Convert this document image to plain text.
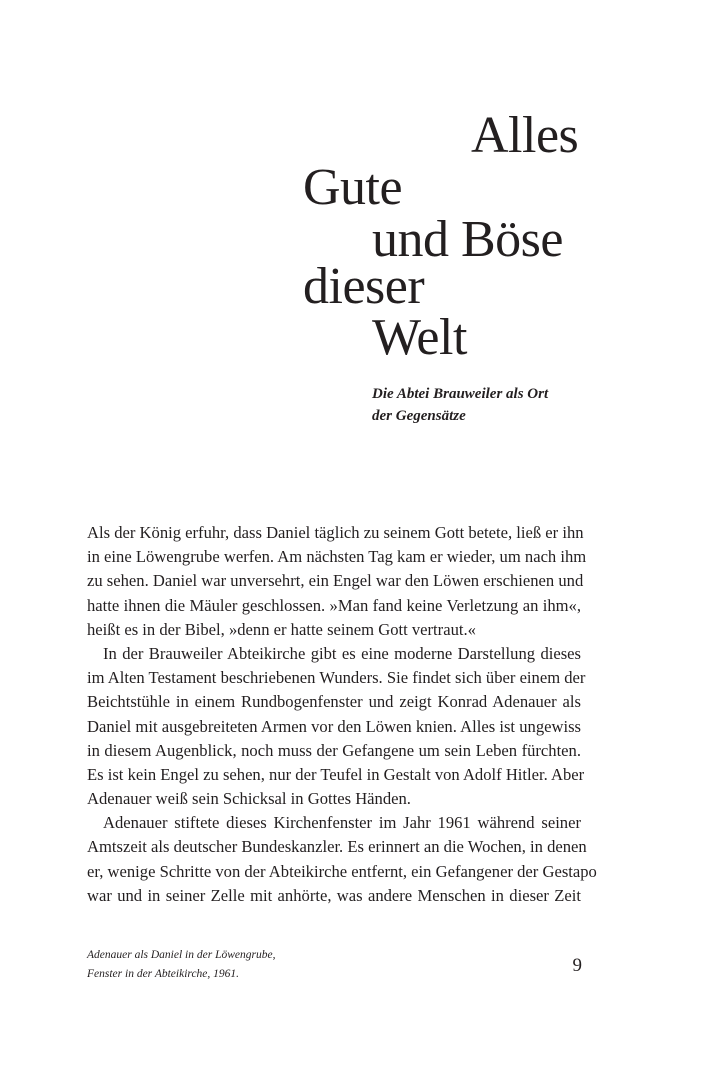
Alles
Gute
und Böse
dieser
Welt
Die Abtei Brauweiler als Ort
der Gegensätze
Als der König erfuhr, dass Daniel täglich zu seinem Gott betete, ließ er ihn
in eine Löwengrube werfen. Am nächsten Tag kam er wieder, um nach ihm
zu sehen. Daniel war unversehrt, ein Engel war den Löwen erschienen und
hatte ihnen die Mäuler geschlossen. »Man fand keine Verletzung an ihm«,
heißt es in der Bibel, »denn er hatte seinem Gott vertraut.«
In der Brauweiler Abteikirche gibt es eine moderne Darstellung dieses
im Alten Testament beschriebenen Wunders. Sie findet sich über einem der
Beichtstühle in einem Rundbogenfenster und zeigt Konrad Adenauer als
Daniel mit ausgebreiteten Armen vor den Löwen knien. Alles ist ungewiss
in diesem Augenblick, noch muss der Gefangene um sein Leben fürchten.
Es ist kein Engel zu sehen, nur der Teufel in Gestalt von Adolf Hitler. Aber
Adenauer weiß sein Schicksal in Gottes Händen.
Adenauer stiftete dieses Kirchenfenster im Jahr 1961 während seiner
Amtszeit als deutscher Bundeskanzler. Es erinnert an die Wochen, in denen
er, wenige Schritte von der Abteikirche entfernt, ein Gefangener der Gestapo
war und in seiner Zelle mit anhörte, was andere Menschen in dieser Zeit
Adenauer als Daniel in der Löwengrube,
Fenster in der Abteikirche, 1961.	9
